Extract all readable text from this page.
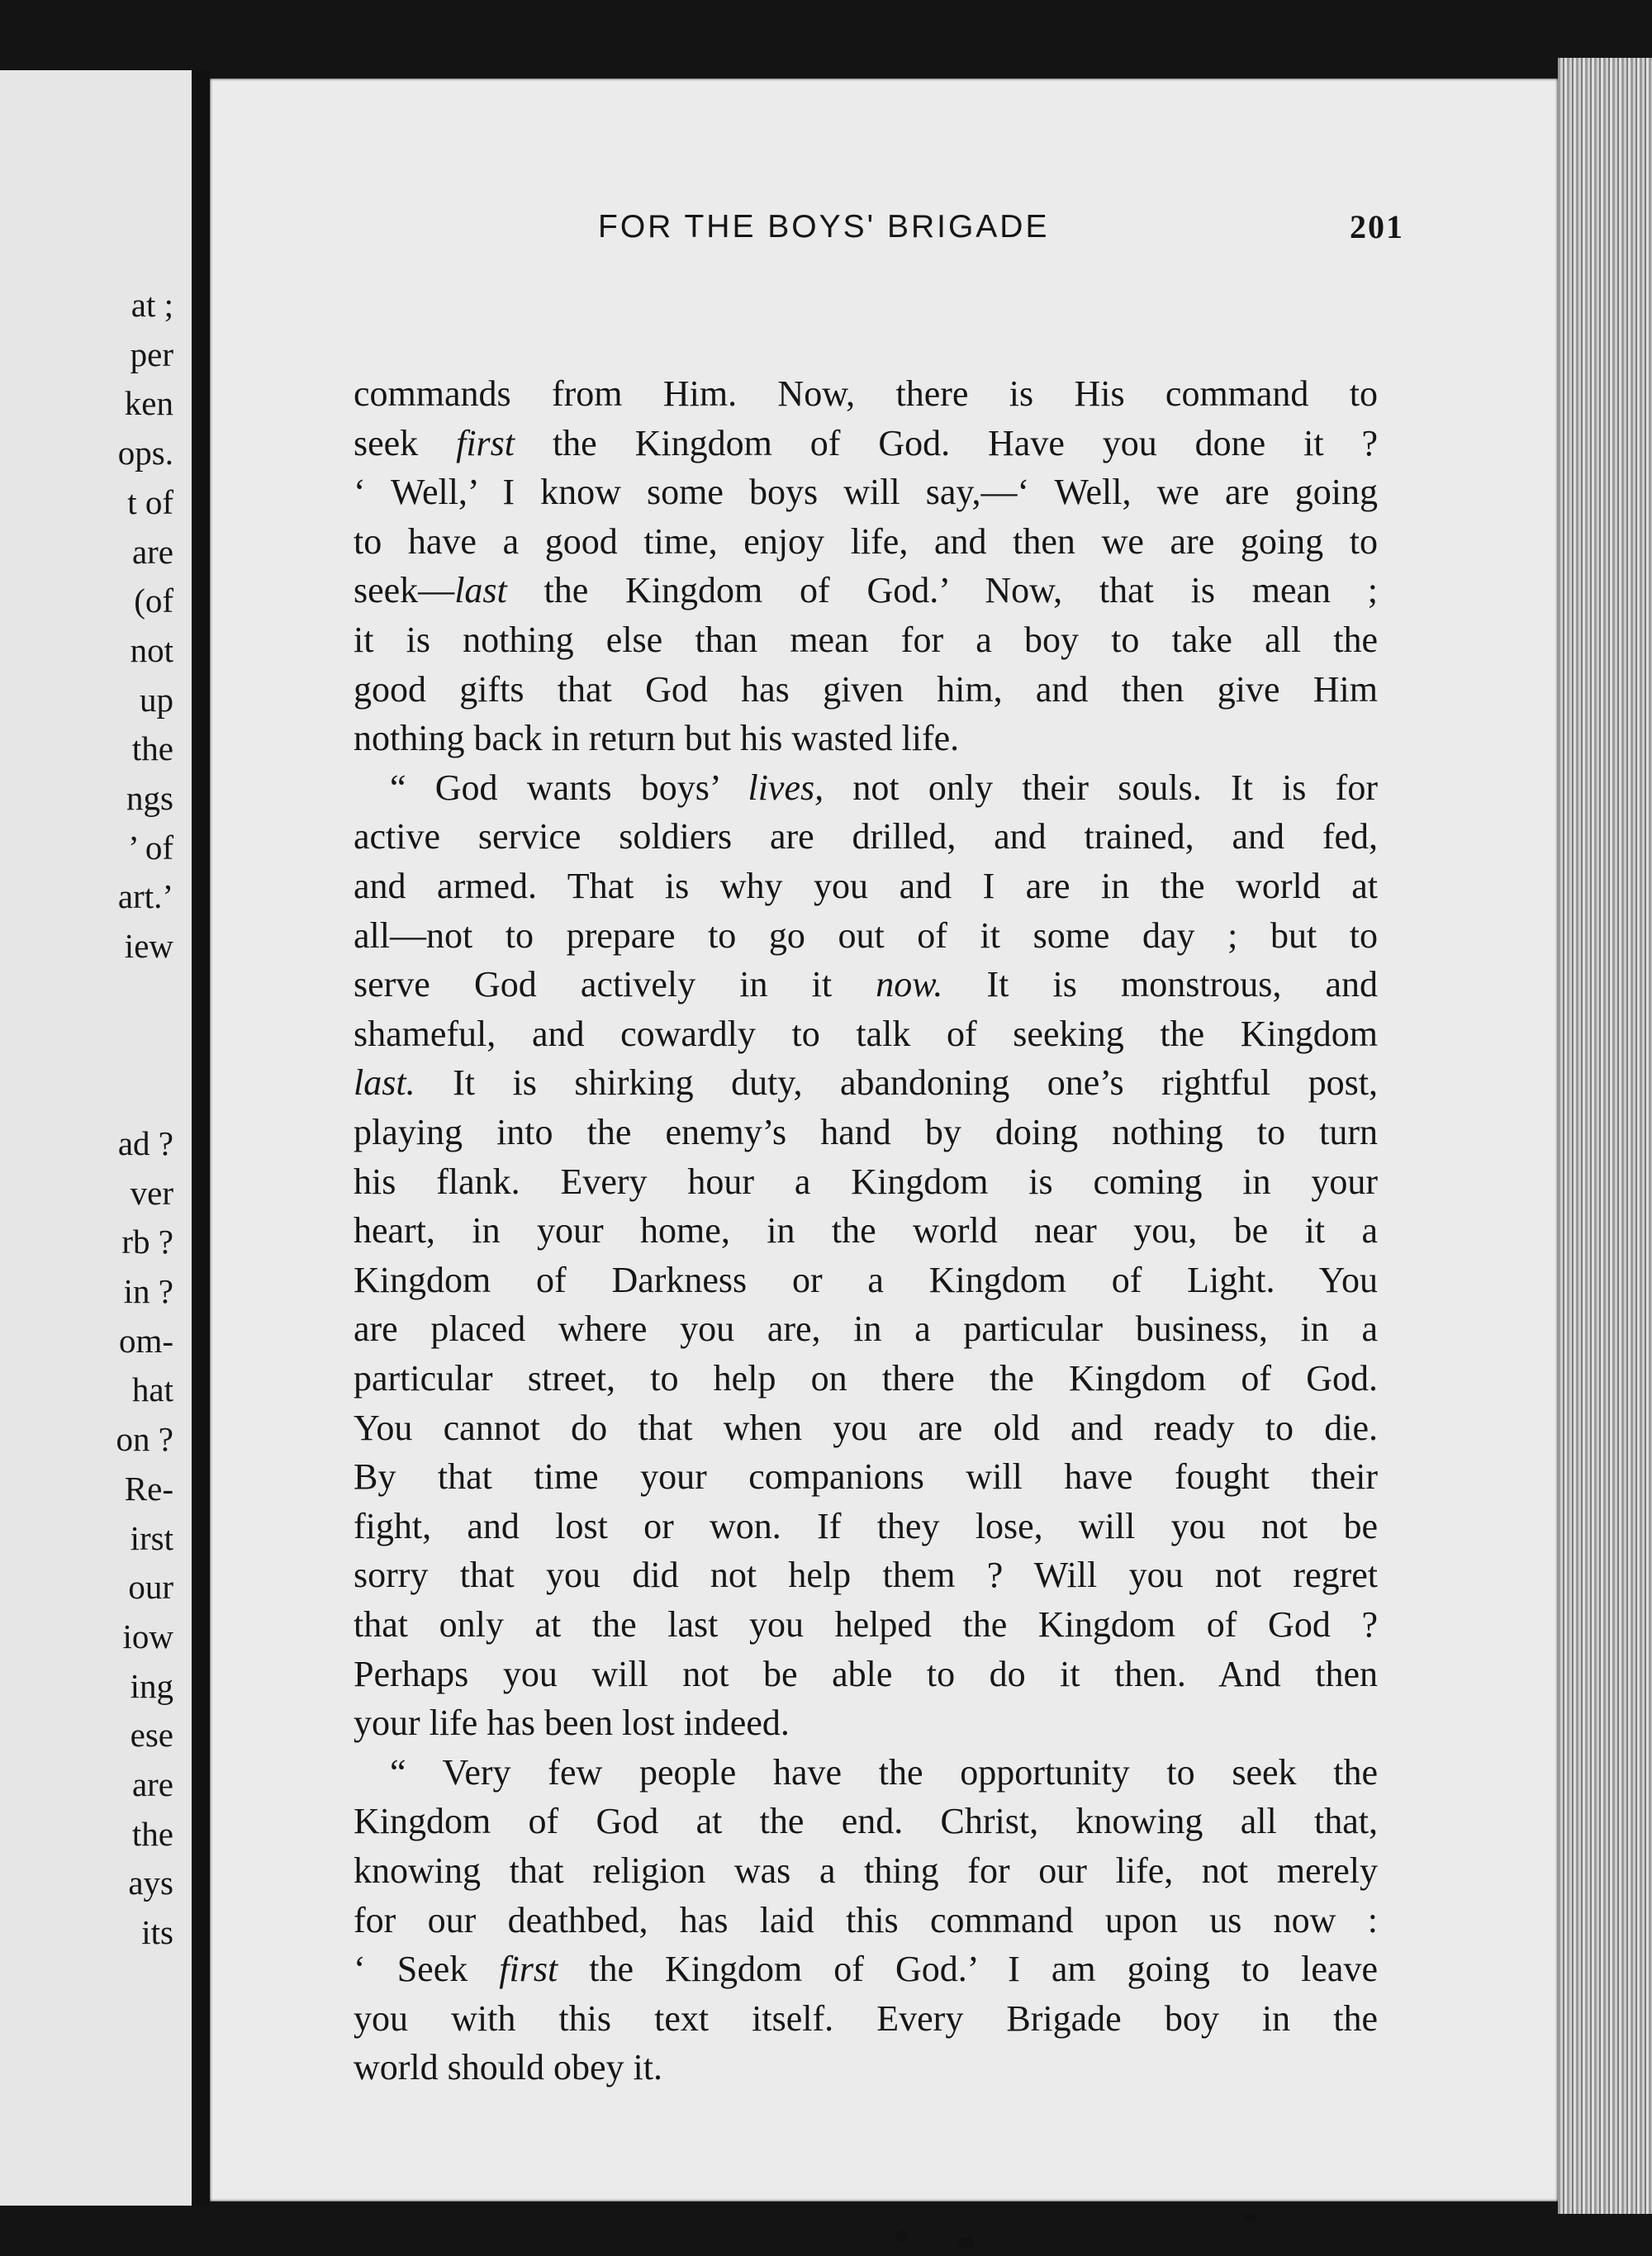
at ;
per
ken
ops.
t of
are
(of
not
up
the
ngs
’ of
art.’
iew
ad ?
ver
rb ?
in ?
om-
hat
on ?
Re-
irst
our
iow
ing
ese
are
the
ays
its
FOR THE BOYS' BRIGADE	201
commands from Him. Now, there is His command to
seek first the Kingdom of God. Have you done it ?
‘ Well,’ I know some boys will say,—‘ Well, we are going
to have a good time, enjoy life, and then we are going to
seek—last the Kingdom of God.’ Now, that is mean ;
it is nothing else than mean for a boy to take all the
good gifts that God has given him, and then give Him
nothing back in return but his wasted life.
“ God wants boys’ lives, not only their souls. It is for
active service soldiers are drilled, and trained, and fed,
and armed. That is why you and I are in the world at
all—not to prepare to go out of it some day ; but to
serve God actively in it now. It is monstrous, and
shameful, and cowardly to talk of seeking the Kingdom
last. It is shirking duty, abandoning one’s rightful post,
playing into the enemy’s hand by doing nothing to turn
his flank. Every hour a Kingdom is coming in your
heart, in your home, in the world near you, be it a
Kingdom of Darkness or a Kingdom of Light. You
are placed where you are, in a particular business, in a
particular street, to help on there the Kingdom of God.
You cannot do that when you are old and ready to die.
By that time your companions will have fought their
fight, and lost or won. If they lose, will you not be
sorry that you did not help them ? Will you not regret
that only at the last you helped the Kingdom of God ?
Perhaps you will not be able to do it then. And then
your life has been lost indeed.
“ Very few people have the opportunity to seek the
Kingdom of God at the end. Christ, knowing all that,
knowing that religion was a thing for our life, not merely
for our deathbed, has laid this command upon us now :
‘ Seek first the Kingdom of God.’ I am going to leave
you with this text itself. Every Brigade boy in the
world should obey it.
